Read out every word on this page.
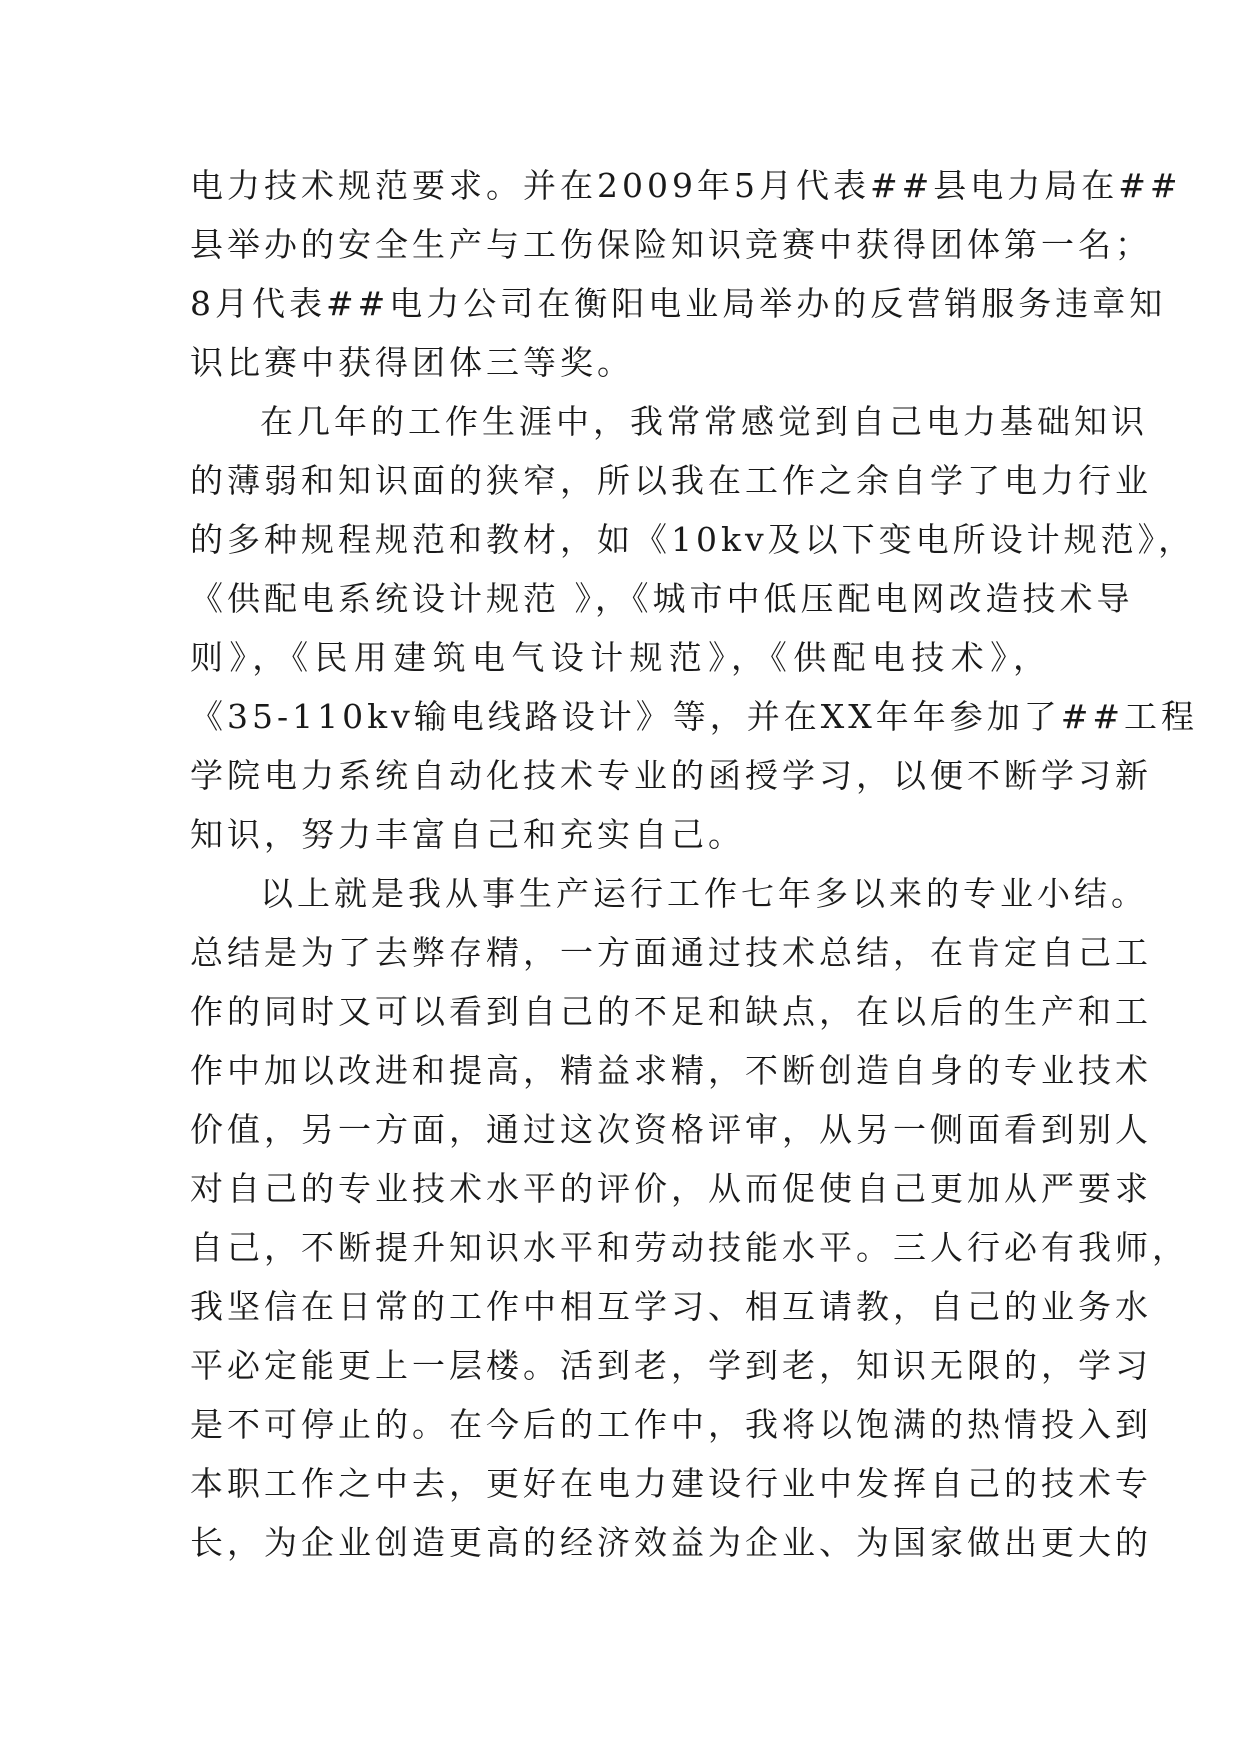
电力技术规范要求。并在2009年5月代表##县电力局在##
县举办的安全生产与工伤保险知识竞赛中获得团体第一名；
8月代表##电力公司在衡阳电业局举办的反营销服务违章知
识比赛中获得团体三等奖。
在几年的工作生涯中，我常常感觉到自己电力基础知识
的薄弱和知识面的狭窄，所以我在工作之余自学了电力行业
的多种规程规范和教材，如《10kv及以下变电所设计规范》，
《供配电系统设计规范 》，《城市中低压配电网改造技术导
则》，《民用建筑电气设计规范》，《供配电技术》，
《35-110kv输电线路设计》等，并在XX年年参加了##工程
学院电力系统自动化技术专业的函授学习，以便不断学习新
知识，努力丰富自己和充实自己。
以上就是我从事生产运行工作七年多以来的专业小结。
总结是为了去弊存精，一方面通过技术总结，在肯定自己工
作的同时又可以看到自己的不足和缺点，在以后的生产和工
作中加以改进和提高，精益求精，不断创造自身的专业技术
价值，另一方面，通过这次资格评审，从另一侧面看到别人
对自己的专业技术水平的评价，从而促使自己更加从严要求
自己，不断提升知识水平和劳动技能水平。三人行必有我师，
我坚信在日常的工作中相互学习、相互请教，自己的业务水
平必定能更上一层楼。活到老，学到老，知识无限的，学习
是不可停止的。在今后的工作中，我将以饱满的热情投入到
本职工作之中去，更好在电力建设行业中发挥自己的技术专
长，为企业创造更高的经济效益为企业、为国家做出更大的
